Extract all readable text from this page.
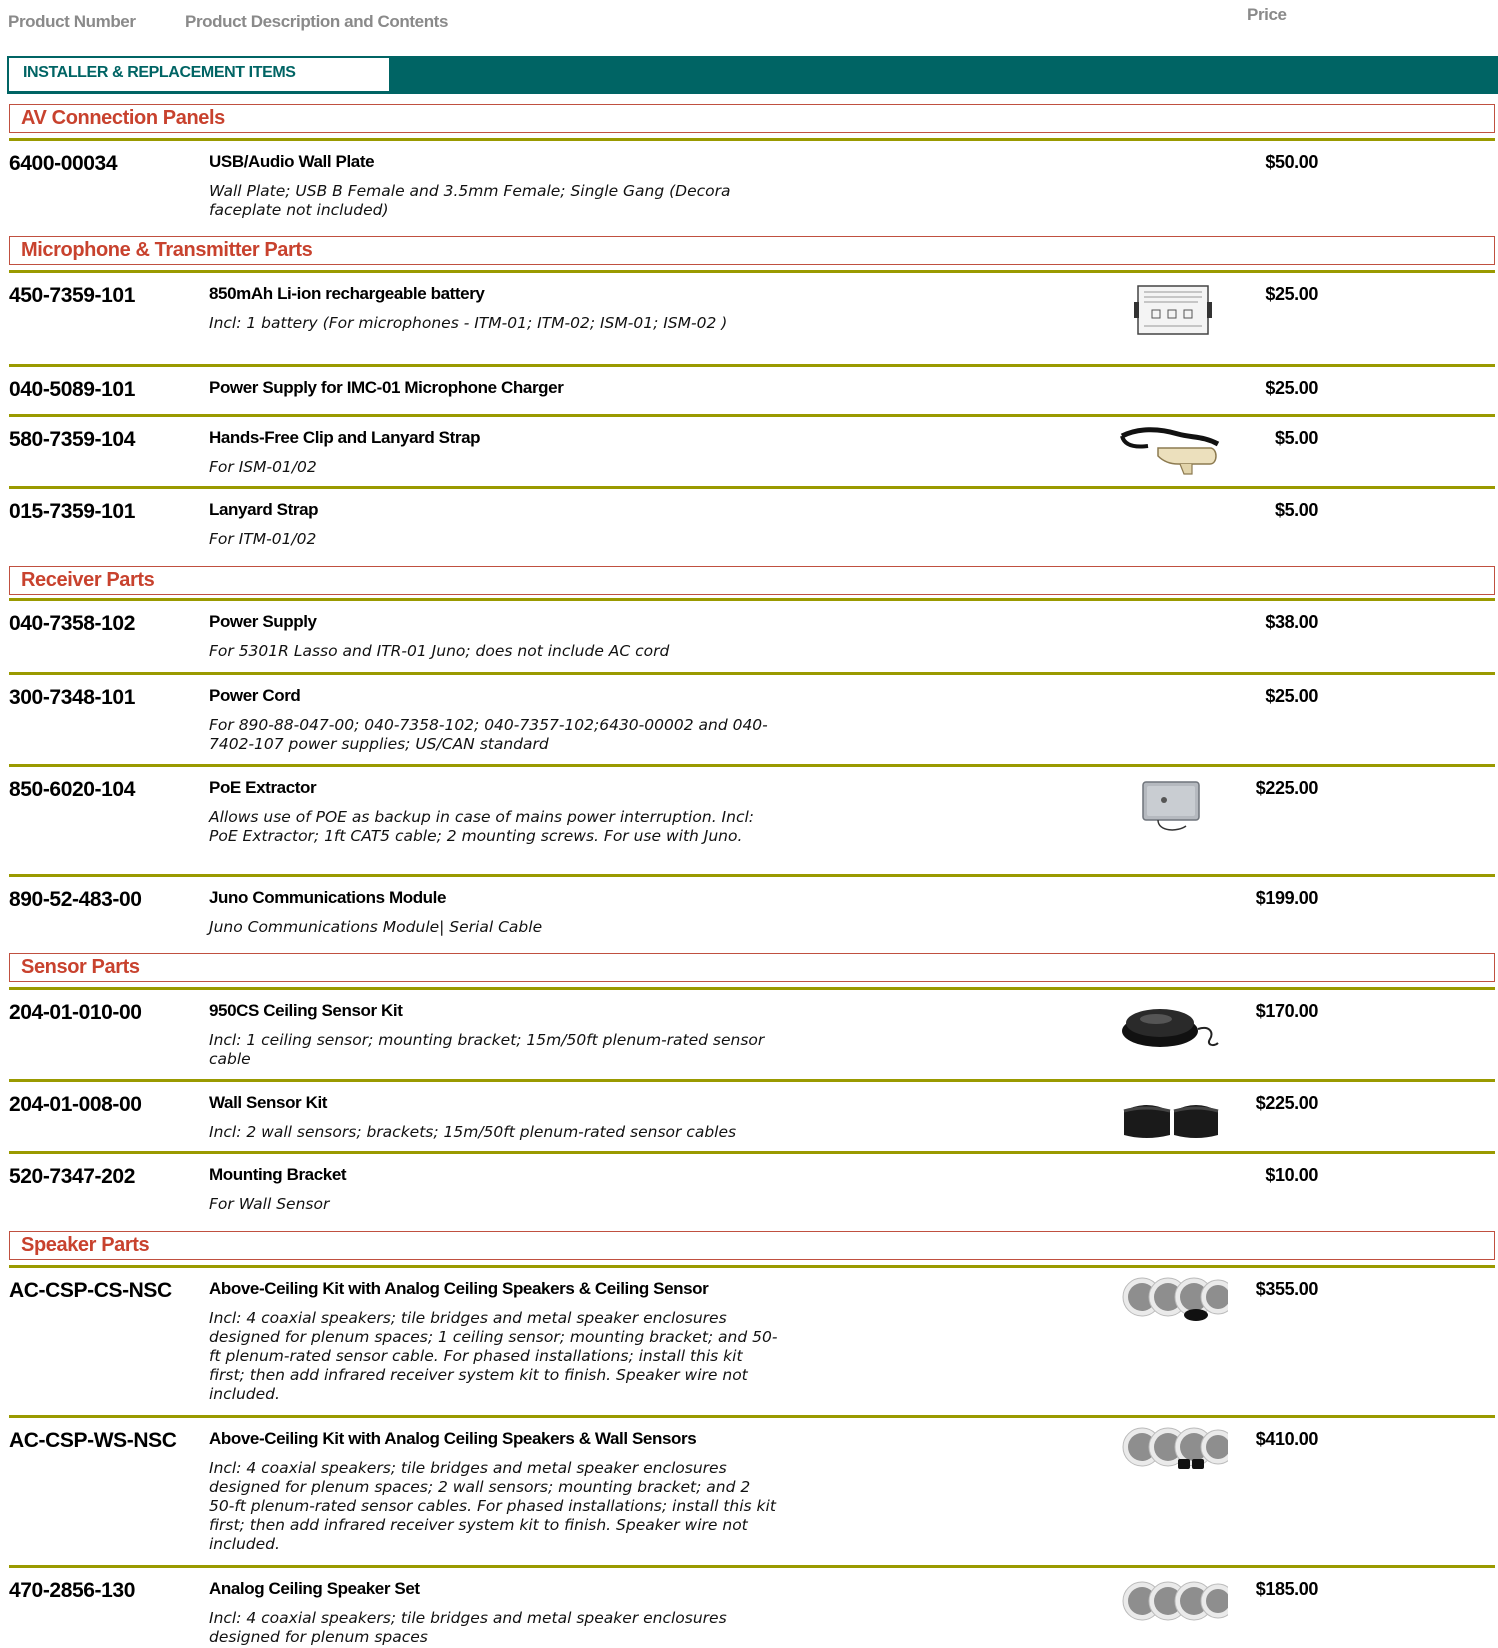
Product Number	Product Description and Contents	Price
INSTALLER & REPLACEMENT ITEMS
AV Connection Panels
6400-00034	USB/Audio Wall Plate
Wall Plate; USB B Female and 3.5mm Female; Single Gang (Decora faceplate not included)
$50.00
Microphone & Transmitter Parts
450-7359-101	850mAh Li-ion rechargeable battery
Incl: 1 battery (For microphones - ITM-01; ITM-02; ISM-01; ISM-02 )
$25.00
040-5089-101	Power Supply for IMC-01 Microphone Charger	$25.00
580-7359-104	Hands-Free Clip and Lanyard Strap
For ISM-01/02
$5.00
015-7359-101	Lanyard Strap
For ITM-01/02
$5.00
Receiver Parts
040-7358-102	Power Supply
For 5301R Lasso and ITR-01 Juno; does not include AC cord
$38.00
300-7348-101	Power Cord
For 890-88-047-00; 040-7358-102; 040-7357-102;6430-00002 and 040-7402-107 power supplies; US/CAN standard
$25.00
850-6020-104	PoE Extractor
Allows use of POE as backup in case of mains power interruption. Incl: PoE Extractor; 1ft CAT5 cable; 2 mounting screws. For use with Juno.
$225.00
890-52-483-00	Juno Communications Module
Juno Communications Module| Serial Cable
$199.00
Sensor Parts
204-01-010-00	950CS Ceiling Sensor Kit
Incl: 1 ceiling sensor; mounting bracket; 15m/50ft plenum-rated sensor cable
$170.00
204-01-008-00	Wall Sensor Kit
Incl: 2 wall sensors; brackets; 15m/50ft plenum-rated sensor cables
$225.00
520-7347-202	Mounting Bracket
For Wall Sensor
$10.00
Speaker Parts
AC-CSP-CS-NSC Above-Ceiling Kit with Analog Ceiling Speakers & Ceiling Sensor
Incl: 4 coaxial speakers; tile bridges and metal speaker enclosures designed for plenum spaces; 1 ceiling sensor; mounting bracket; and 50-ft plenum-rated sensor cable. For phased installations; install this kit first; then add infrared receiver system kit to finish. Speaker wire not included.
$355.00
AC-CSP-WS-NSC Above-Ceiling Kit with Analog Ceiling Speakers & Wall Sensors
Incl: 4 coaxial speakers; tile bridges and metal speaker enclosures designed for plenum spaces; 2 wall sensors; mounting bracket; and 2 50-ft plenum-rated sensor cables. For phased installations; install this kit first; then add infrared receiver system kit to finish. Speaker wire not included.
$410.00
470-2856-130	Analog Ceiling Speaker Set
Incl: 4 coaxial speakers; tile bridges and metal speaker enclosures designed for plenum spaces
$185.00
